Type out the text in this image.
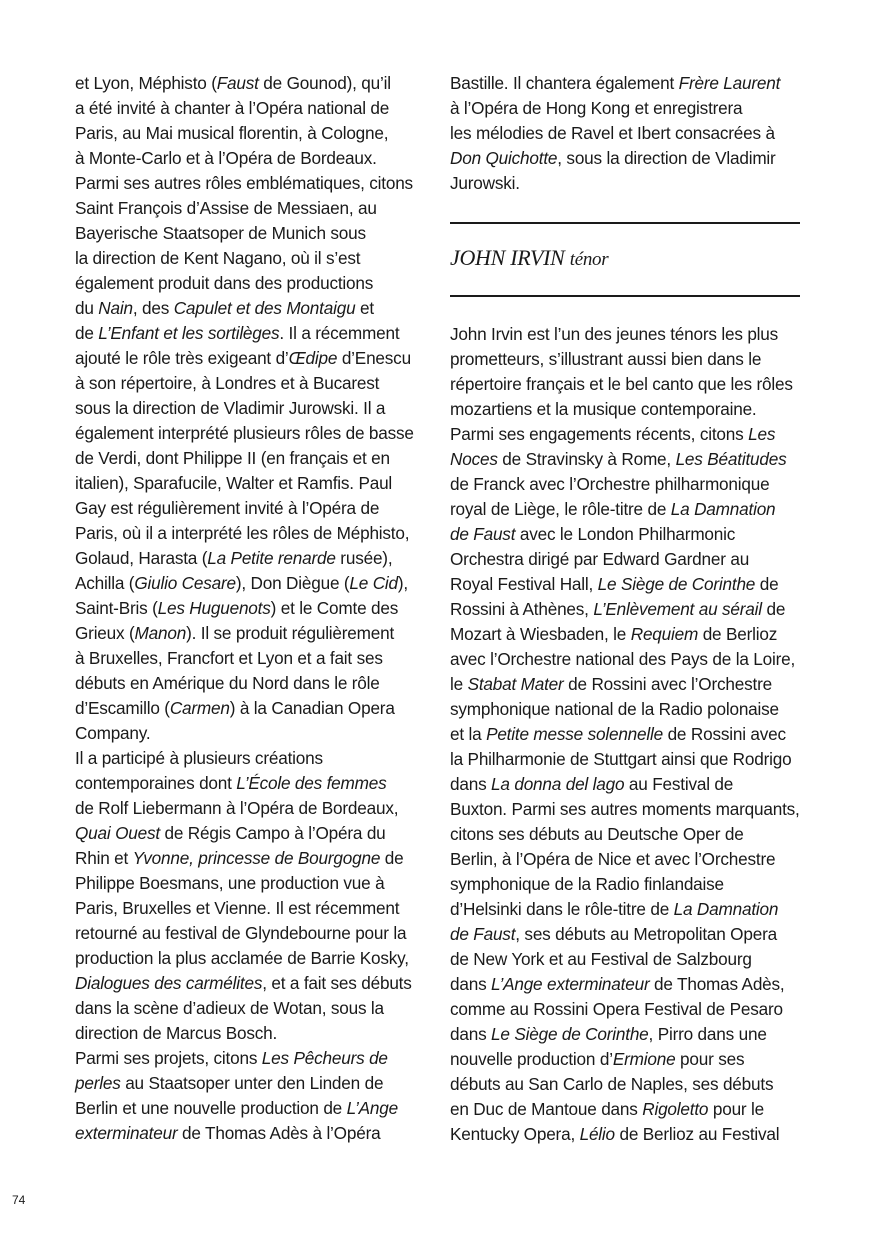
et Lyon, Méphisto (Faust de Gounod), qu’il
a été invité à chanter à l’Opéra national de
Paris, au Mai musical florentin, à Cologne,
à Monte-Carlo et à l’Opéra de Bordeaux.
Parmi ses autres rôles emblématiques, citons
Saint François d’Assise de Messiaen, au
Bayerische Staatsoper de Munich sous
la direction de Kent Nagano, où il s’est
également produit dans des productions
du Nain, des Capulet et des Montaigu et
de L’Enfant et les sortilèges. Il a récemment
ajouté le rôle très exigeant d’Œdipe d’Enescu
à son répertoire, à Londres et à Bucarest
sous la direction de Vladimir Jurowski. Il a
également interprété plusieurs rôles de basse
de Verdi, dont Philippe II (en français et en
italien), Sparafucile, Walter et Ramfis. Paul
Gay est régulièrement invité à l’Opéra de
Paris, où il a interprété les rôles de Méphisto,
Golaud, Harasta (La Petite renarde rusée),
Achilla (Giulio Cesare), Don Diègue (Le Cid),
Saint-Bris (Les Huguenots) et le Comte des
Grieux (Manon). Il se produit régulièrement
à Bruxelles, Francfort et Lyon et a fait ses
débuts en Amérique du Nord dans le rôle
d’Escamillo (Carmen) à la Canadian Opera
Company.
Il a participé à plusieurs créations
contemporaines dont L’École des femmes
de Rolf Liebermann à l’Opéra de Bordeaux,
Quai Ouest de Régis Campo à l’Opéra du
Rhin et Yvonne, princesse de Bourgogne de
Philippe Boesmans, une production vue à
Paris, Bruxelles et Vienne. Il est récemment
retourné au festival de Glyndebourne pour la
production la plus acclamée de Barrie Kosky,
Dialogues des carmélites, et a fait ses débuts
dans la scène d’adieux de Wotan, sous la
direction de Marcus Bosch.
Parmi ses projets, citons Les Pêcheurs de
perles au Staatsoper unter den Linden de
Berlin et une nouvelle production de L’Ange
exterminateur de Thomas Adès à l’Opéra
Bastille. Il chantera également Frère Laurent
à l’Opéra de Hong Kong et enregistrera
les mélodies de Ravel et Ibert consacrées à
Don Quichotte, sous la direction de Vladimir
Jurowski.
JOHN IRVIN ténor
John Irvin est l’un des jeunes ténors les plus
prometteurs, s’illustrant aussi bien dans le
répertoire français et le bel canto que les rôles
mozartiens et la musique contemporaine.
Parmi ses engagements récents, citons Les
Noces de Stravinsky à Rome, Les Béatitudes
de Franck avec l’Orchestre philharmonique
royal de Liège, le rôle-titre de La Damnation
de Faust avec le London Philharmonic
Orchestra dirigé par Edward Gardner au
Royal Festival Hall, Le Siège de Corinthe de
Rossini à Athènes, L’Enlèvement au sérail de
Mozart à Wiesbaden, le Requiem de Berlioz
avec l’Orchestre national des Pays de la Loire,
le Stabat Mater de Rossini avec l’Orchestre
symphonique national de la Radio polonaise
et la Petite messe solennelle de Rossini avec
la Philharmonie de Stuttgart ainsi que Rodrigo
dans La donna del lago au Festival de
Buxton. Parmi ses autres moments marquants,
citons ses débuts au Deutsche Oper de
Berlin, à l’Opéra de Nice et avec l’Orchestre
symphonique de la Radio finlandaise
d’Helsinki dans le rôle-titre de La Damnation
de Faust, ses débuts au Metropolitan Opera
de New York et au Festival de Salzbourg
dans L’Ange exterminateur de Thomas Adès,
comme au Rossini Opera Festival de Pesaro
dans Le Siège de Corinthe, Pirro dans une
nouvelle production d’Ermione pour ses
débuts au San Carlo de Naples, ses débuts
en Duc de Mantoue dans Rigoletto pour le
Kentucky Opera, Lélio de Berlioz au Festival
74
